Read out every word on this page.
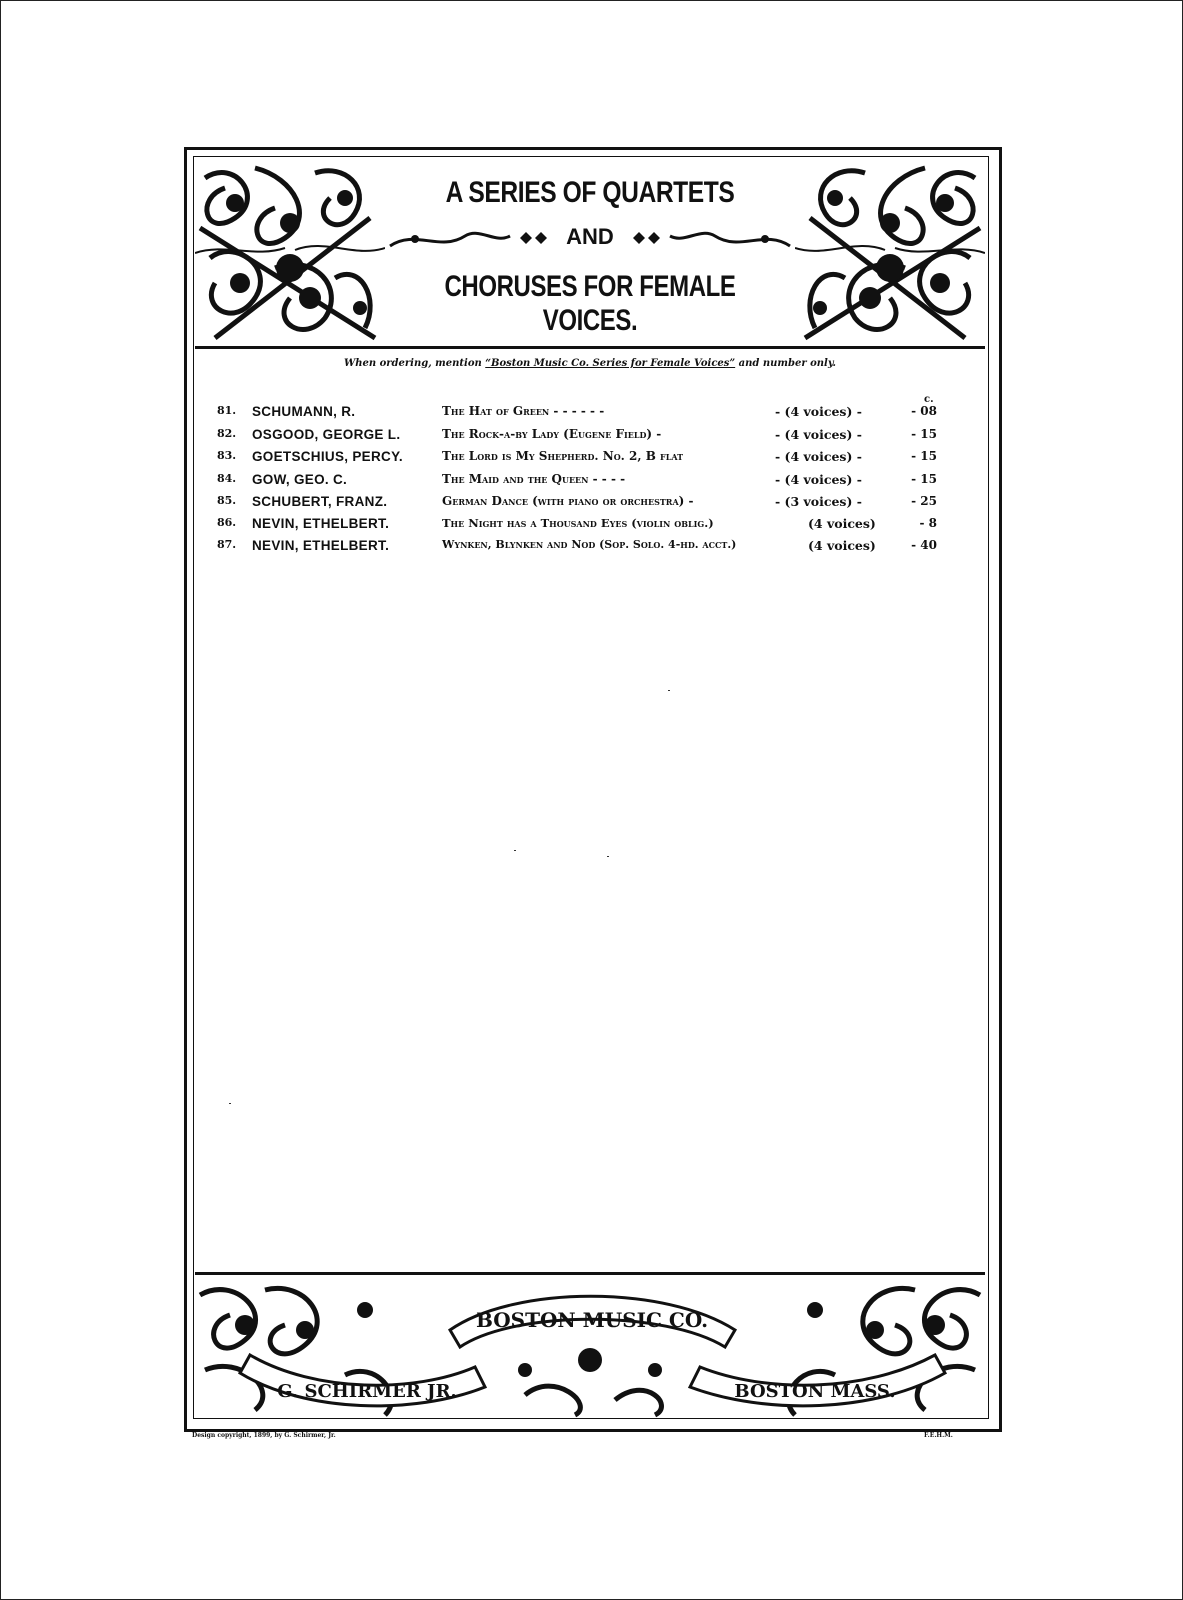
A SERIES OF QUARTETS
AND
CHORUSES FOR FEMALE VOICES.
When ordering, mention “Boston Music Co. Series for Female Voices” and number only.
c.
81. SCHUMANN, R.	The Hat of Green - - - - - -	- (4 voices) -	- 08
82. OSGOOD, GEORGE L.	The Rock-a-by Lady (Eugene Field) -	- (4 voices) -	- 15
83. GOETSCHIUS, PERCY.	The Lord is My Shepherd. No. 2, B flat	- (4 voices) -	- 15
84. GOW, GEO. C.	The Maid and the Queen - - - -	- (4 voices) -	- 15
85. SCHUBERT, FRANZ.	German Dance (with piano or orchestra) -	- (3 voices) -	- 25
86. NEVIN, ETHELBERT.	The Night has a Thousand Eyes (violin oblig.)	(4 voices)	- 8
87. NEVIN, ETHELBERT.	Wynken, Blynken and Nod (Sop. Solo. 4-hd. acct.)	(4 voices)	- 40
BOSTON MUSIC CO.
G. SCHIRMER JR.	BOSTON MASS.
Design copyright, 1899, by G. Schirmer, Jr.	F.E.H.M.
